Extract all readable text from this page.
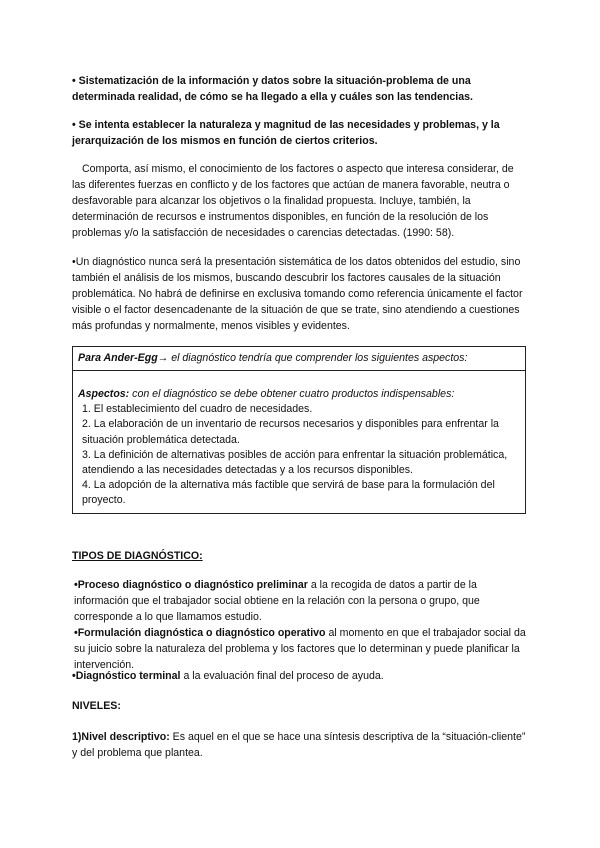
• Sistematización de la información y datos sobre la situación-problema de una determinada realidad, de cómo se ha llegado a ella y cuáles son las tendencias.
• Se intenta establecer la naturaleza y magnitud de las necesidades y problemas, y la jerarquización de los mismos en función de ciertos criterios.
Comporta, así mismo, el conocimiento de los factores o aspecto que interesa considerar, de las diferentes fuerzas en conflicto y de los factores que actúan de manera favorable, neutra o desfavorable para alcanzar los objetivos o la finalidad propuesta. Incluye, también, la determinación de recursos e instrumentos disponibles, en función de la resolución de los problemas y/o la satisfacción de necesidades o carencias detectadas. (1990: 58).
•Un diagnóstico nunca será la presentación sistemática de los datos obtenidos del estudio, sino también el análisis de los mismos, buscando descubrir los factores causales de la situación problemática. No habrá de definirse en exclusiva tomando como referencia únicamente el factor visible o el factor desencadenante de la situación de que se trate, sino atendiendo a cuestiones más profundas y normalmente, menos visibles y evidentes.
Para Ander-Egg→ el diagnóstico tendría que comprender los siguientes aspectos:
Aspectos: con el diagnóstico se debe obtener cuatro productos indispensables:
1. El establecimiento del cuadro de necesidades.
2. La elaboración de un inventario de recursos necesarios y disponibles para enfrentar la situación problemática detectada.
3. La definición de alternativas posibles de acción para enfrentar la situación problemática, atendiendo a las necesidades detectadas y a los recursos disponibles.
4. La adopción de la alternativa más factible que servirá de base para la formulación del proyecto.
TIPOS DE DIAGNÓSTICO:
•Proceso diagnóstico o diagnóstico preliminar a la recogida de datos a partir de la información que el trabajador social obtiene en la relación con la persona o grupo, que corresponde a lo que llamamos estudio.
•Formulación diagnóstica o diagnóstico operativo al momento en que el trabajador social da su juicio sobre la naturaleza del problema y los factores que lo determinan y puede planificar la intervención.
•Diagnóstico terminal a la evaluación final del proceso de ayuda.
NIVELES:
1)Nivel descriptivo: Es aquel en el que se hace una síntesis descriptiva de la “situación-cliente” y del problema que plantea.
